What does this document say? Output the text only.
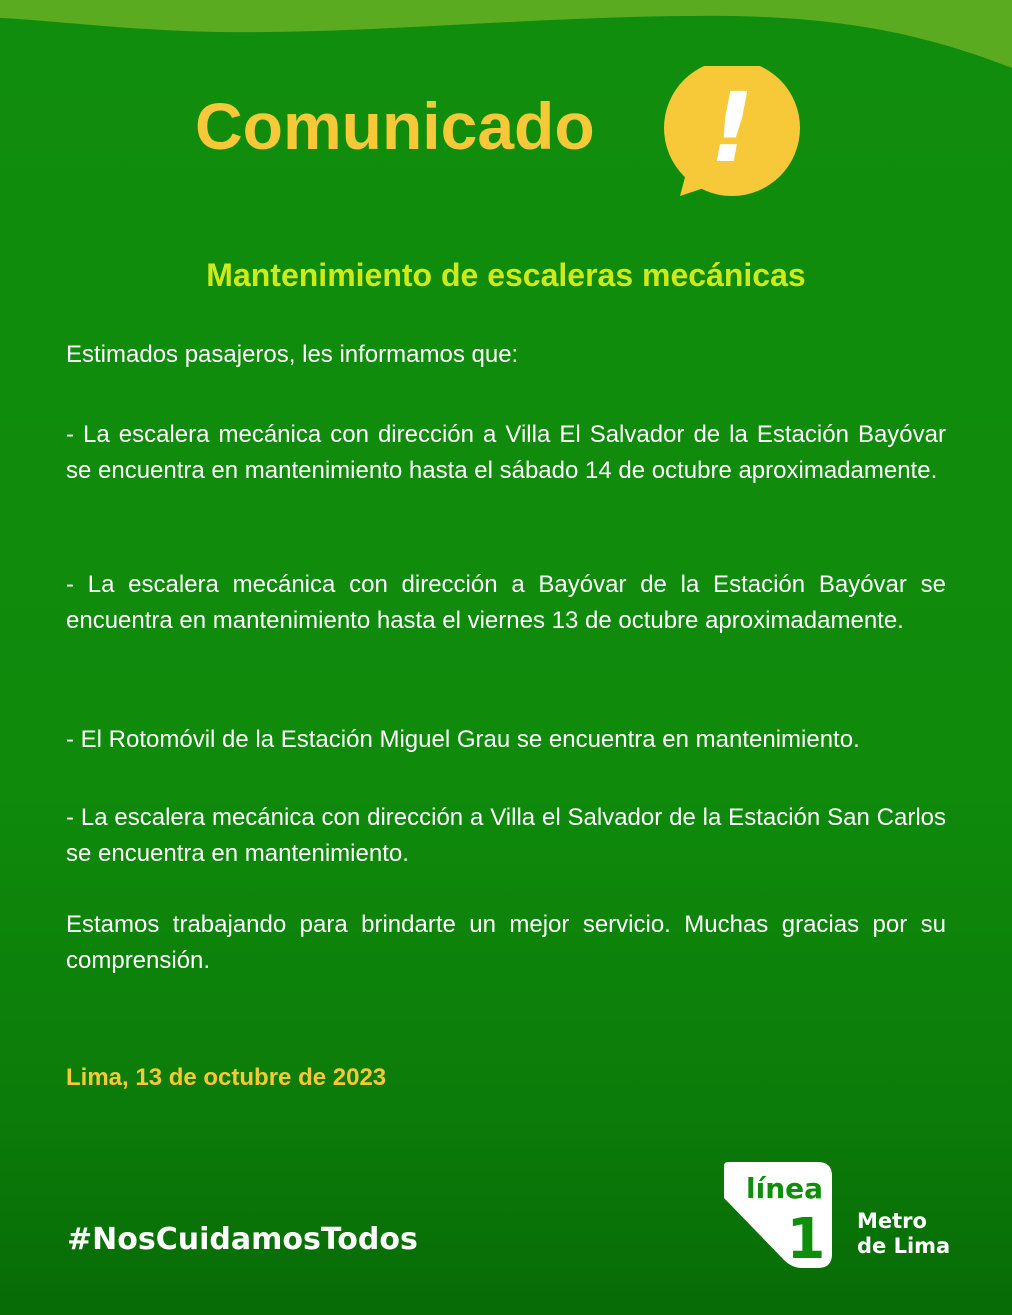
Comunicado !
Mantenimiento de escaleras mecánicas
Estimados pasajeros, les informamos que:
- La escalera mecánica con dirección a Villa El Salvador de la Estación Bayóvar se encuentra en mantenimiento hasta el sábado 14 de octubre aproximadamente.
- La escalera mecánica con dirección a Bayóvar de la Estación Bayóvar se encuentra en mantenimiento hasta el viernes 13 de octubre aproximadamente.
- El Rotomóvil de la Estación Miguel Grau se encuentra en mantenimiento.
- La escalera mecánica con dirección a Villa el Salvador de la Estación San Carlos se encuentra en mantenimiento.
Estamos trabajando para brindarte un mejor servicio. Muchas gracias por su comprensión.
Lima, 13 de octubre de 2023
#NosCuidamosTodos
línea
1 Metro
de Lima
